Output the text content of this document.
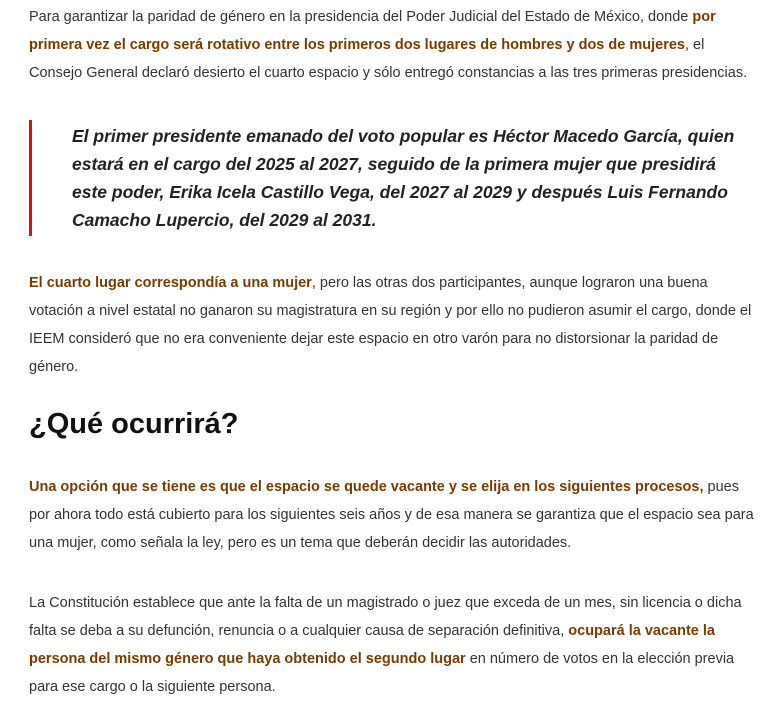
Para garantizar la paridad de género en la presidencia del Poder Judicial del Estado de México, donde por primera vez el cargo será rotativo entre los primeros dos lugares de hombres y dos de mujeres, el Consejo General declaró desierto el cuarto espacio y sólo entregó constancias a las tres primeras presidencias.

El primer presidente emanado del voto popular es Héctor Macedo García, quien estará en el cargo del 2025 al 2027, seguido de la primera mujer que presidirá este poder, Erika Icela Castillo Vega, del 2027 al 2029 y después Luis Fernando Camacho Lupercio, del 2029 al 2031.

El cuarto lugar correspondía a una mujer, pero las otras dos participantes, aunque lograron una buena votación a nivel estatal no ganaron su magistratura en su región y por ello no pudieron asumir el cargo, donde el IEEM consideró que no era conveniente dejar este espacio en otro varón para no distorsionar la paridad de género.

¿Qué ocurrirá?

Una opción que se tiene es que el espacio se quede vacante y se elija en los siguientes procesos, pues por ahora todo está cubierto para los siguientes seis años y de esa manera se garantiza que el espacio sea para una mujer, como señala la ley, pero es un tema que deberán decidir las autoridades.

La Constitución establece que ante la falta de un magistrado o juez que exceda de un mes, sin licencia o dicha falta se deba a su defunción, renuncia o a cualquier causa de separación definitiva, ocupará la vacante la persona del mismo género que haya obtenido el segundo lugar en número de votos en la elección previa para ese cargo o la siguiente persona.
